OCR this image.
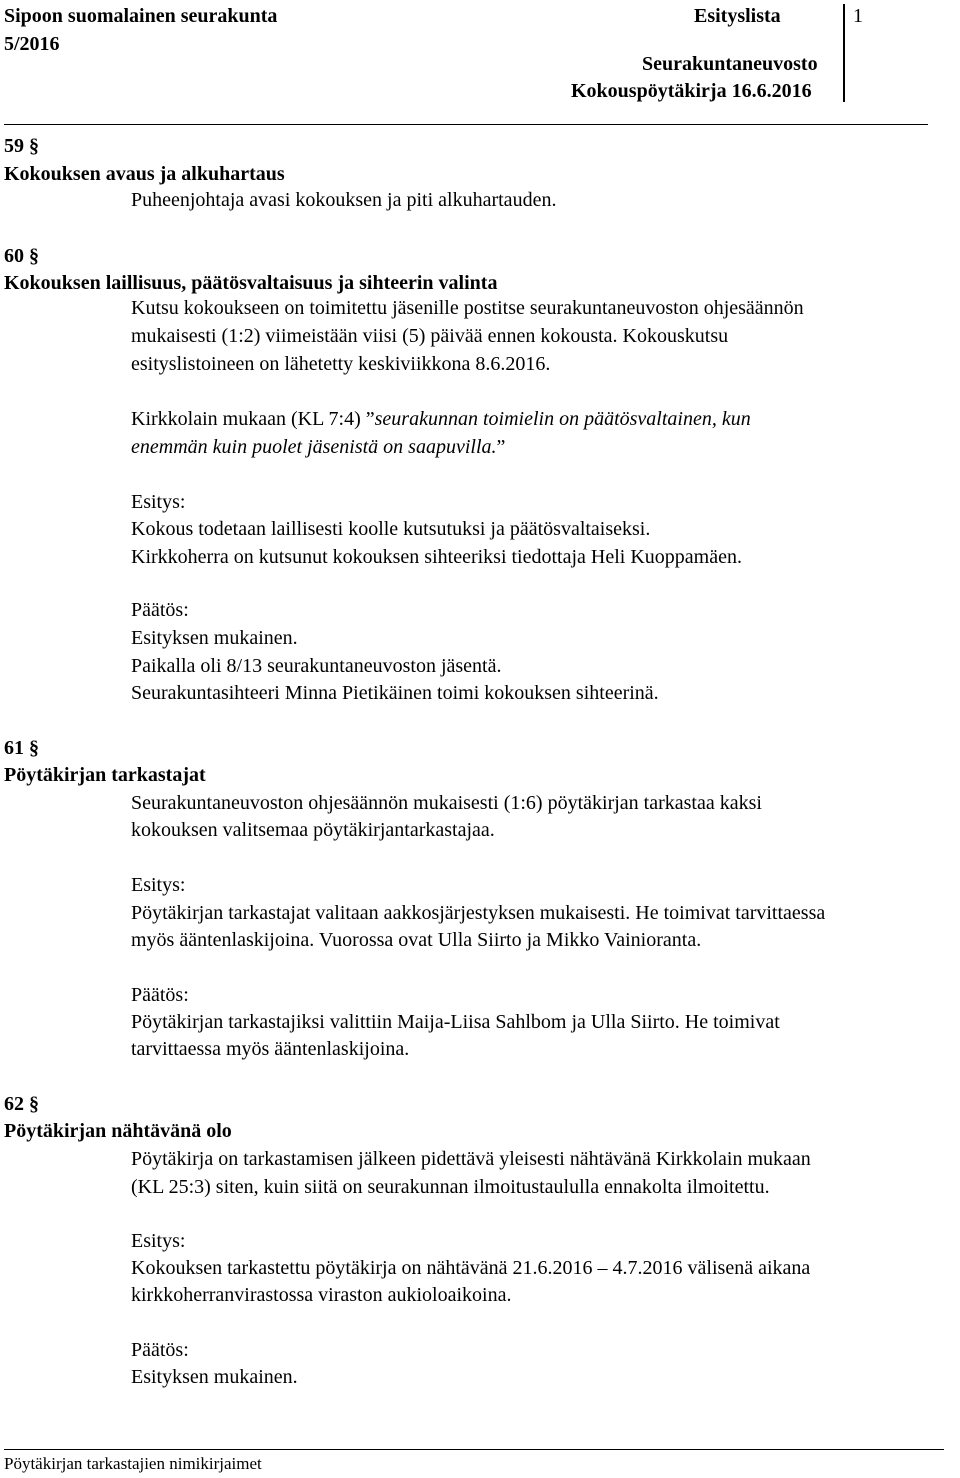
Sipoon suomalainen seurakunta
5/2016
Esityslista	1
Seurakuntaneuvosto
Kokouspöytäkirja 16.6.2016
59 §
Kokouksen avaus ja alkuhartaus
Puheenjohtaja avasi kokouksen ja piti alkuhartauden.
60 §
Kokouksen laillisuus, päätösvaltaisuus ja sihteerin valinta
Kutsu kokoukseen on toimitettu jäsenille postitse seurakuntaneuvoston ohjesäännön
mukaisesti (1:2) viimeistään viisi (5) päivää ennen kokousta. Kokouskutsu
esityslistoineen on lähetetty keskiviikkona 8.6.2016.
Kirkkolain mukaan (KL 7:4) ”seurakunnan toimielin on päätösvaltainen, kun
enemmän kuin puolet jäsenistä on saapuvilla.”
Esitys:
Kokous todetaan laillisesti koolle kutsutuksi ja päätösvaltaiseksi.
Kirkkoherra on kutsunut kokouksen sihteeriksi tiedottaja Heli Kuoppamäen.
Päätös:
Esityksen mukainen.
Paikalla oli 8/13 seurakuntaneuvoston jäsentä.
Seurakuntasihteeri Minna Pietikäinen toimi kokouksen sihteerinä.
61 §
Pöytäkirjan tarkastajat
Seurakuntaneuvoston ohjesäännön mukaisesti (1:6) pöytäkirjan tarkastaa kaksi
kokouksen valitsemaa pöytäkirjantarkastajaa.
Esitys:
Pöytäkirjan tarkastajat valitaan aakkosjärjestyksen mukaisesti. He toimivat tarvittaessa
myös ääntenlaskijoina. Vuorossa ovat Ulla Siirto ja Mikko Vainioranta.
Päätös:
Pöytäkirjan tarkastajiksi valittiin Maija-Liisa Sahlbom ja Ulla Siirto. He toimivat
tarvittaessa myös ääntenlaskijoina.
62 §
Pöytäkirjan nähtävänä olo
Pöytäkirja on tarkastamisen jälkeen pidettävä yleisesti nähtävänä Kirkkolain mukaan
(KL 25:3) siten, kuin siitä on seurakunnan ilmoitustaululla ennakolta ilmoitettu.
Esitys:
Kokouksen tarkastettu pöytäkirja on nähtävänä 21.6.2016 – 4.7.2016 välisenä aikana
kirkkoherranvirastossa viraston aukioloaikoina.
Päätös:
Esityksen mukainen.
Pöytäkirjan tarkastajien nimikirjaimet
